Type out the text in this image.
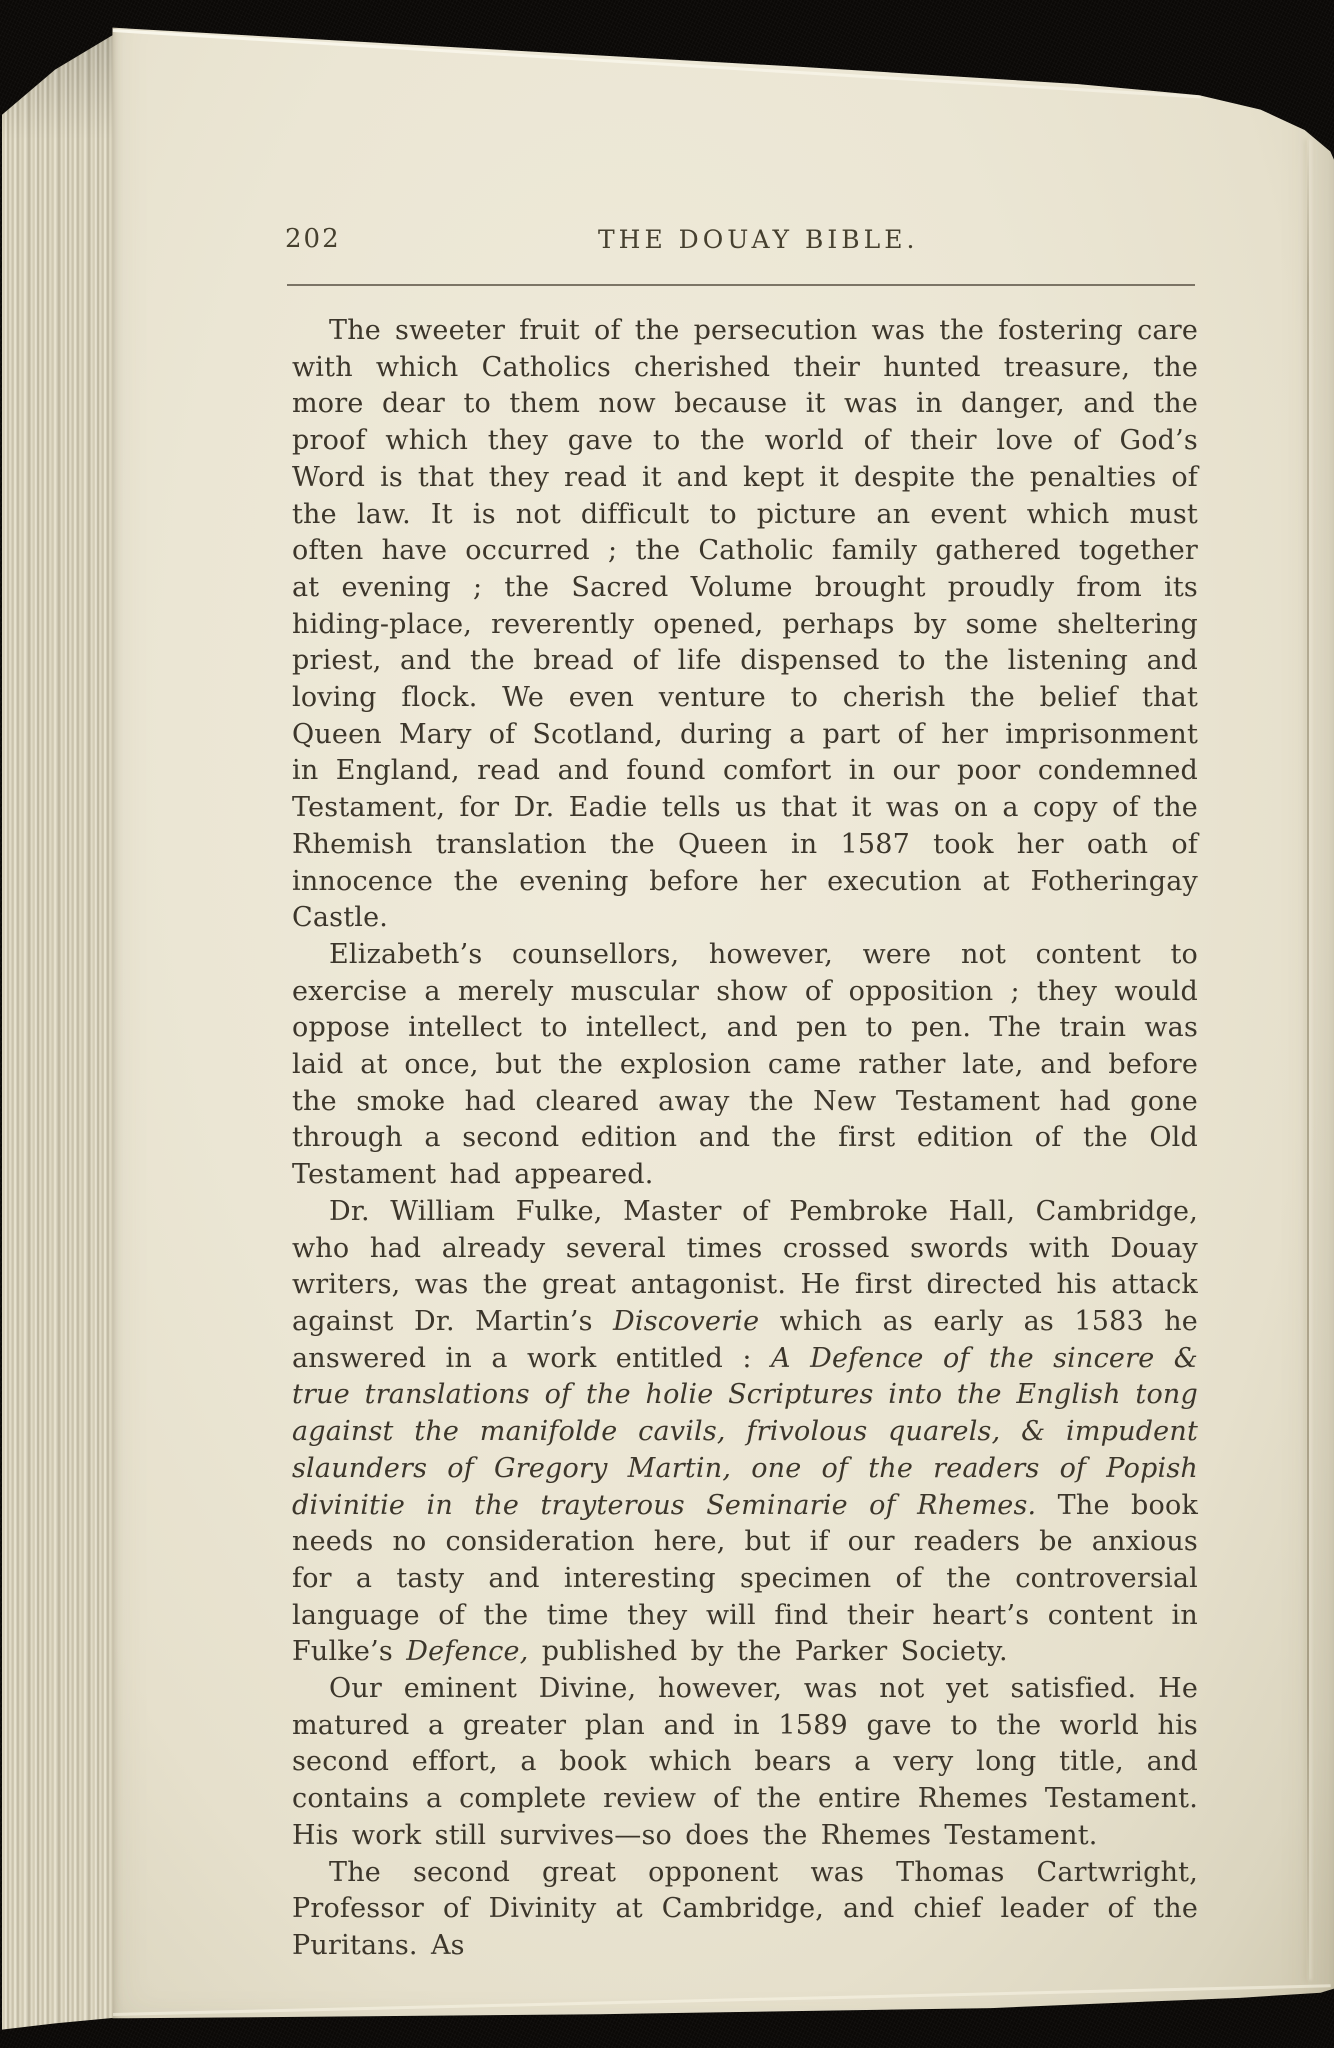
202	THE DOUAY BIBLE.

The sweeter fruit of the persecution was the fostering care with which Catholics cherished their hunted treasure, the more dear to them now because it was in danger, and the proof which they gave to the world of their love of God’s Word is that they read it and kept it despite the penalties of the law. It is not difficult to picture an event which must often have occurred ; the Catholic family gathered together at evening ; the Sacred Volume brought proudly from its hiding-place, reverently opened, perhaps by some sheltering priest, and the bread of life dispensed to the listening and loving flock. We even venture to cherish the belief that Queen Mary of Scotland, during a part of her imprisonment in England, read and found comfort in our poor condemned Testament, for Dr. Eadie tells us that it was on a copy of the Rhemish translation the Queen in 1587 took her oath of innocence the evening before her execution at Fotheringay Castle.

Elizabeth’s counsellors, however, were not content to exercise a merely muscular show of opposition ; they would oppose intellect to intellect, and pen to pen. The train was laid at once, but the explosion came rather late, and before the smoke had cleared away the New Testament had gone through a second edition and the first edition of the Old Testament had appeared.

Dr. William Fulke, Master of Pembroke Hall, Cambridge, who had already several times crossed swords with Douay writers, was the great antagonist. He first directed his attack against Dr. Martin’s Discoverie which as early as 1583 he answered in a work entitled : A Defence of the sincere & true translations of the holie Scriptures into the English tong against the manifolde cavils, frivolous quarels, & impudent slaunders of Gregory Martin, one of the readers of Popish divinitie in the trayterous Seminarie of Rhemes. The book needs no consideration here, but if our readers be anxious for a tasty and interesting specimen of the controversial language of the time they will find their heart’s content in Fulke’s Defence, published by the Parker Society.

Our eminent Divine, however, was not yet satisfied. He matured a greater plan and in 1589 gave to the world his second effort, a book which bears a very long title, and contains a complete review of the entire Rhemes Testament. His work still survives—so does the Rhemes Testament.

The second great opponent was Thomas Cartwright, Professor of Divinity at Cambridge, and chief leader of the Puritans. As
